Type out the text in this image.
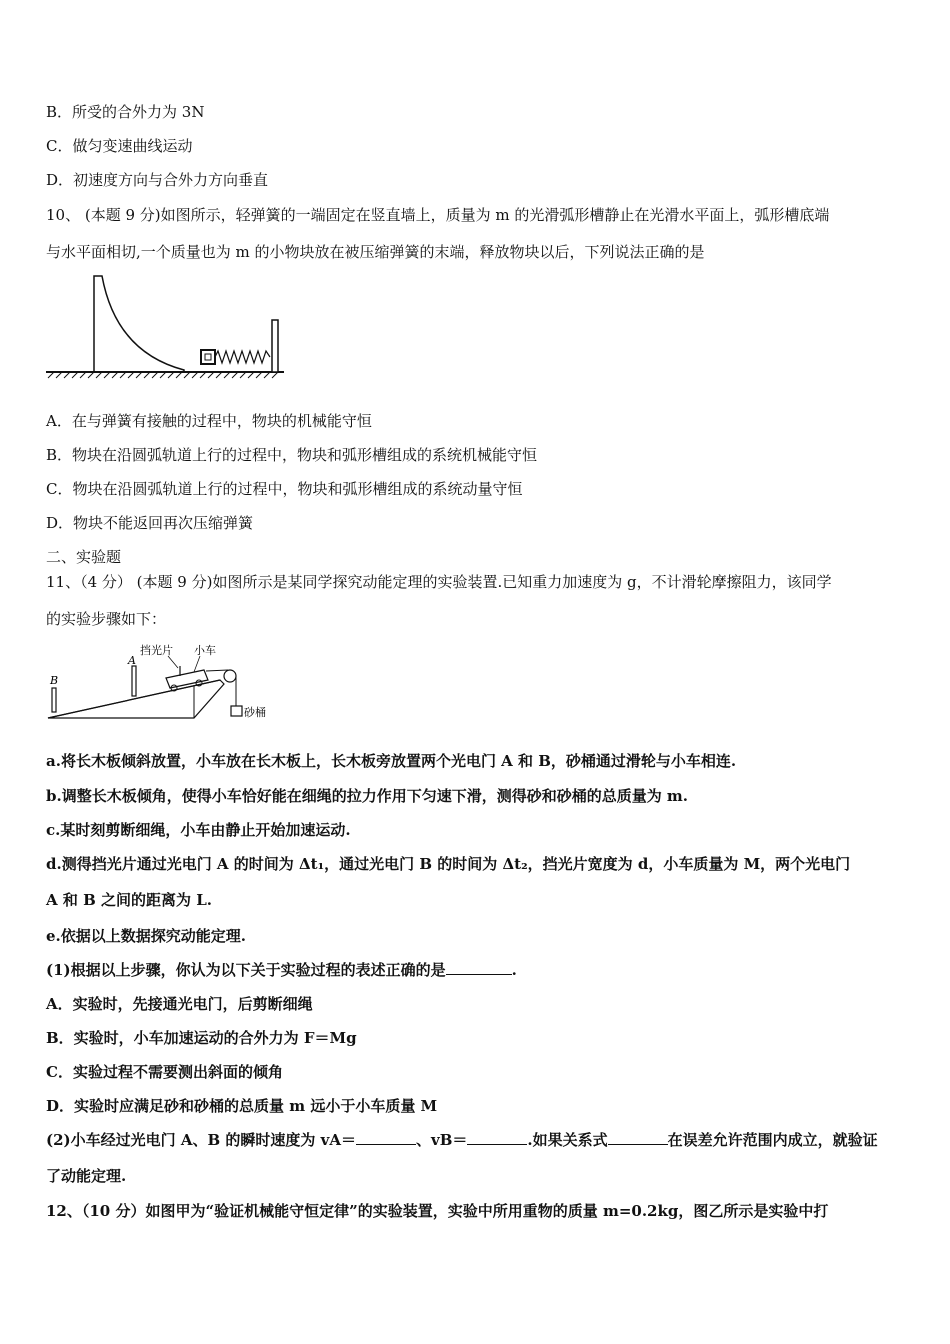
B．所受的合外力为 3N
C．做匀变速曲线运动
D．初速度方向与合外力方向垂直
10、 (本题 9 分)如图所示，轻弹簧的一端固定在竖直墙上，质量为 m 的光滑弧形槽静止在光滑水平面上，弧形槽底端
与水平面相切,一个质量也为 m 的小物块放在被压缩弹簧的末端，释放物块以后，下列说法正确的是
A．在与弹簧有接触的过程中，物块的机械能守恒
B．物块在沿圆弧轨道上行的过程中，物块和弧形槽组成的系统机械能守恒
C．物块在沿圆弧轨道上行的过程中，物块和弧形槽组成的系统动量守恒
D．物块不能返回再次压缩弹簧
二、实验题
11、（4 分） (本题 9 分)如图所示是某同学探究动能定理的实验装置.已知重力加速度为 g，不计滑轮摩擦阻力，该同学
的实验步骤如下：
B
A
挡光片 小车
砂桶
a.将长木板倾斜放置，小车放在长木板上，长木板旁放置两个光电门 A 和 B，砂桶通过滑轮与小车相连.
b.调整长木板倾角，使得小车恰好能在细绳的拉力作用下匀速下滑，测得砂和砂桶的总质量为 m.
c.某时刻剪断细绳，小车由静止开始加速运动.
d.测得挡光片通过光电门 A 的时间为 Δt₁，通过光电门 B 的时间为 Δt₂，挡光片宽度为 d，小车质量为 M，两个光电门
A 和 B 之间的距离为 L.
e.依据以上数据探究动能定理.
(1)根据以上步骤，你认为以下关于实验过程的表述正确的是	.
A．实验时，先接通光电门，后剪断细绳
B．实验时，小车加速运动的合外力为 F＝Mg
C．实验过程不需要测出斜面的倾角
D．实验时应满足砂和砂桶的总质量 m 远小于小车质量 M
(2)小车经过光电门 A、B 的瞬时速度为 vA＝	、vB＝	.如果关系式	在误差允许范围内成立，就验证
了动能定理.
12、（10 分）如图甲为“验证机械能守恒定律”的实验装置，实验中所用重物的质量 m=0.2kg，图乙所示是实验中打
